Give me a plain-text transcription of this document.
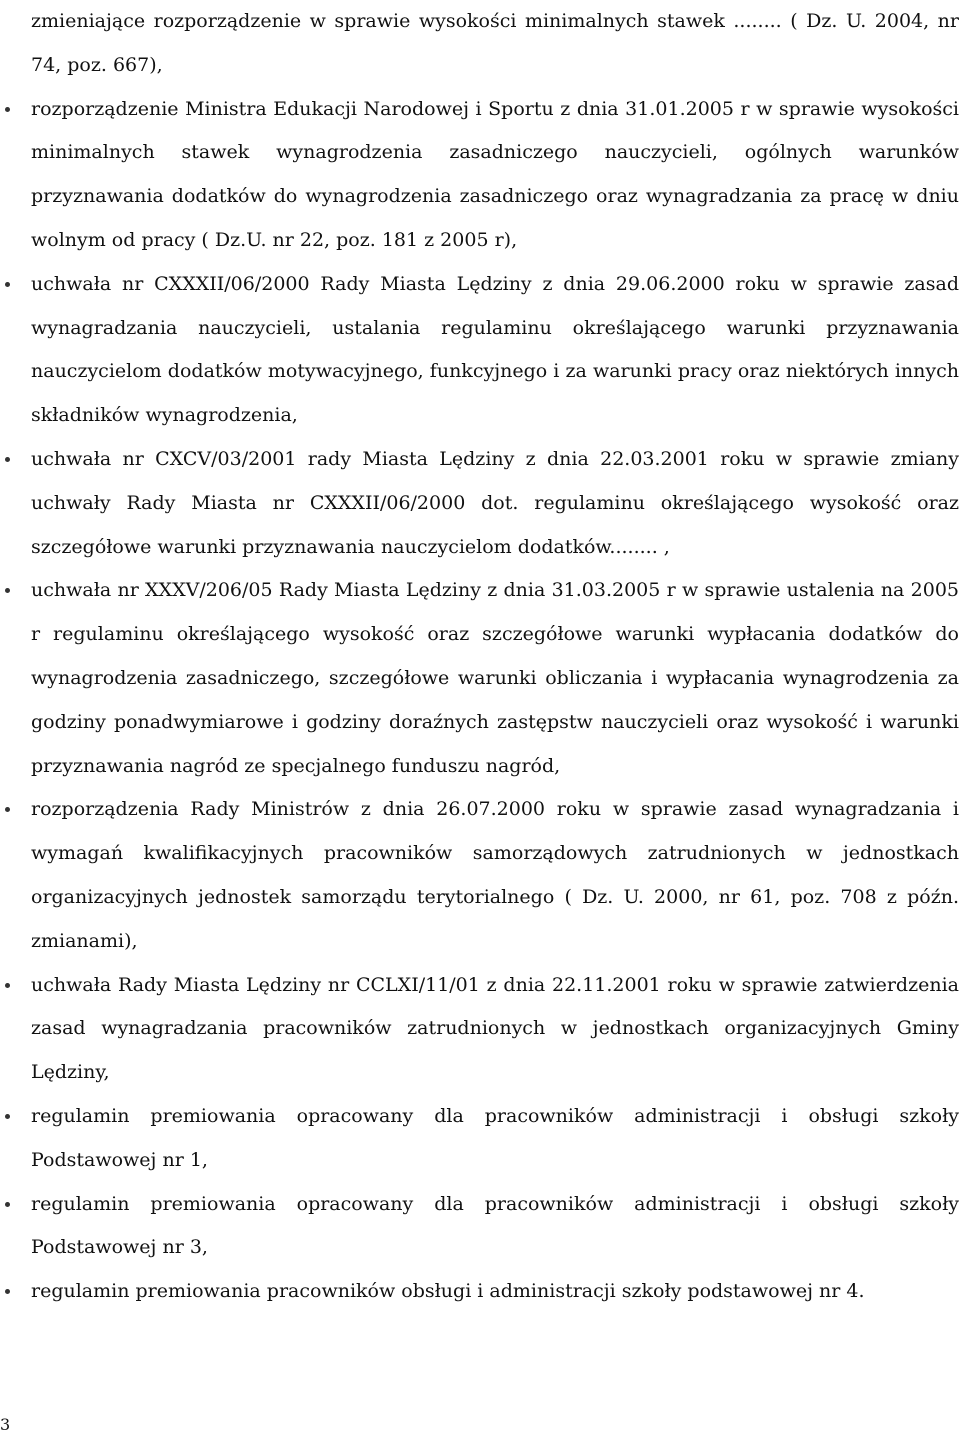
zmieniające rozporządzenie w sprawie wysokości minimalnych stawek ........ ( Dz. U. 2004, nr 74, poz. 667),

rozporządzenie Ministra Edukacji Narodowej i Sportu z dnia 31.01.2005 r w sprawie wysokości minimalnych stawek wynagrodzenia zasadniczego nauczycieli, ogólnych warunków przyznawania dodatków do wynagrodzenia zasadniczego oraz wynagradzania za pracę w dniu wolnym od pracy ( Dz.U. nr 22, poz. 181 z 2005 r),
uchwała nr CXXXII/06/2000 Rady Miasta Lędziny z dnia 29.06.2000 roku w sprawie zasad wynagradzania nauczycieli, ustalania regulaminu określającego warunki przyznawania nauczycielom dodatków motywacyjnego, funkcyjnego i za warunki pracy oraz niektórych innych składników wynagrodzenia,
uchwała nr CXCV/03/2001 rady Miasta Lędziny z dnia 22.03.2001 roku w sprawie zmiany uchwały Rady Miasta nr CXXXII/06/2000 dot. regulaminu określającego wysokość oraz szczegółowe warunki przyznawania nauczycielom dodatków........ ,
uchwała nr XXXV/206/05 Rady Miasta Lędziny z dnia 31.03.2005 r w sprawie ustalenia na 2005 r regulaminu określającego wysokość oraz szczegółowe warunki wypłacania dodatków do wynagrodzenia zasadniczego, szczegółowe warunki obliczania i wypłacania wynagrodzenia za godziny ponadwymiarowe i godziny doraźnych zastępstw nauczycieli oraz wysokość i warunki przyznawania nagród ze specjalnego funduszu nagród,
rozporządzenia Rady Ministrów z dnia 26.07.2000 roku w sprawie zasad wynagradzania i wymagań kwalifikacyjnych pracowników samorządowych zatrudnionych w jednostkach organizacyjnych jednostek samorządu terytorialnego ( Dz. U. 2000, nr 61, poz. 708 z późn. zmianami),
uchwała Rady Miasta Lędziny nr CCLXI/11/01 z dnia 22.11.2001 roku w sprawie zatwierdzenia zasad wynagradzania pracowników zatrudnionych w jednostkach organizacyjnych Gminy Lędziny,
regulamin premiowania opracowany dla pracowników administracji i obsługi szkoły Podstawowej nr 1,
regulamin premiowania opracowany dla pracowników administracji i obsługi szkoły Podstawowej nr 3,
regulamin premiowania pracowników obsługi i administracji szkoły podstawowej nr 4.
3
